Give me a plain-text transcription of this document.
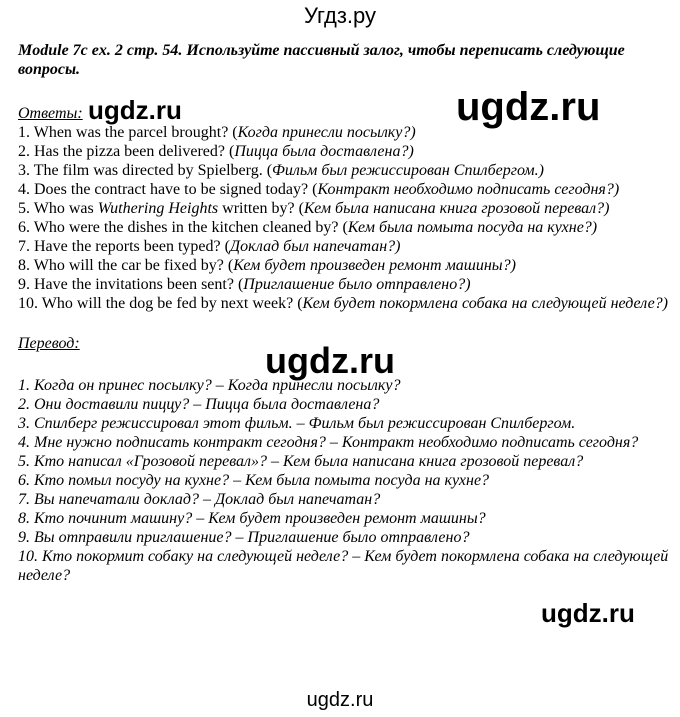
Угдз.ру
Module 7c ex. 2 стр. 54. Используйте пассивный залог, чтобы переписать следующие вопросы.
Ответы:
1. When was the parcel brought? (Когда принесли посылку?)
2. Has the pizza been delivered? (Пицца была доставлена?)
3. The film was directed by Spielberg. (Фильм был режиссирован Спилбергом.)
4. Does the contract have to be signed today? (Контракт необходимо подписать сегодня?)
5. Who was Wuthering Heights written by? (Кем была написана книга грозовой перевал?)
6. Who were the dishes in the kitchen cleaned by? (Кем была помыта посуда на кухне?)
7. Have the reports been typed? (Доклад был напечатан?)
8. Who will the car be fixed by? (Кем будет произведен ремонт машины?)
9. Have the invitations been sent? (Приглашение было отправлено?)
10. Who will the dog be fed by next week? (Кем будет покормлена собака на следующей неделе?)
Перевод:
1. Когда он принес посылку? – Когда принесли посылку?
2. Они доставили пиццу? – Пицца была доставлена?
3. Спилберг режиссировал этот фильм. – Фильм был режиссирован Спилбергом.
4. Мне нужно подписать контракт сегодня? – Контракт необходимо подписать сегодня?
5. Кто написал «Грозовой перевал»? – Кем была написана книга грозовой перевал?
6. Кто помыл посуду на кухне? – Кем была помыта посуда на кухне?
7. Вы напечатали доклад? – Доклад был напечатан?
8. Кто починит машину? – Кем будет произведен ремонт машины?
9. Вы отправили приглашение? – Приглашение было отправлено?
10. Кто покормит собаку на следующей неделе? – Кем будет покормлена собака на следующей неделе?
ugdz.ru	ugdz.ru
ugdz.ru
ugdz.ru
ugdz.ru
